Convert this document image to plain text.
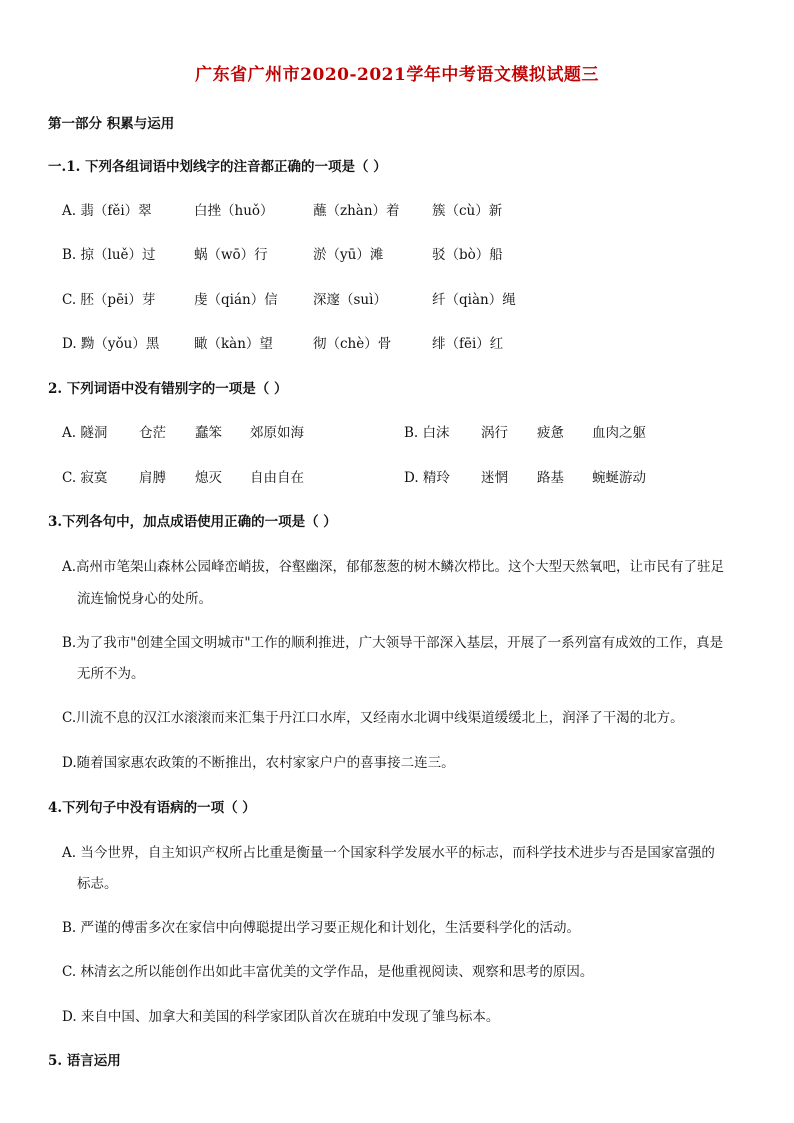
广东省广州市2020-2021学年中考语文模拟试题三
第一部分 积累与运用
一.1. 下列各组词语中划线字的注音都正确的一项是（ ）
A. 翡（fěi）翠	白挫（huǒ）	蘸（zhàn）着 簇（cù）新
B. 掠（luě）过	蜗（wō）行	淤（yū）滩	驳（bò）船
C. 胚（pēi）芽	虔（qián）信	深邃（suì）	纤（qiàn）绳
D. 黝（yǒu）黑	瞰（kàn）望	彻（chè）骨	绯（fēi）红
2. 下列词语中没有错别字的一项是（ ）
A. 隧洞 仓茫 蠢笨 郊原如海	B. 白沫 涡行 疲惫 血肉之躯
C. 寂寞 肩膊 熄灭 自由自在	D. 精玲 迷惘 路基 蜿蜒游动
3.下列各句中，加点成语使用正确的一项是（ ）
A.高州市笔架山森林公园峰峦峭拔，谷壑幽深，郁郁葱葱的树木鳞次栉比。这个大型天然氧吧，让市民有了驻足
流连愉悦身心的处所。
B.为了我市"创建全国文明城市"工作的顺利推进，广大领导干部深入基层，开展了一系列富有成效的工作，真是
无所不为。
C.川流不息的汉江水滚滚而来汇集于丹江口水库，又经南水北调中线渠道缓缓北上，润泽了干渴的北方。
D.随着国家惠农政策的不断推出，农村家家户户的喜事接二连三。
4.下列句子中没有语病的一项（ ）
A. 当今世界，自主知识产权所占比重是衡量一个国家科学发展水平的标志，而科学技术进步与否是国家富强的
标志。
B. 严谨的傅雷多次在家信中向傅聪提出学习要正规化和计划化，生活要科学化的活动。
C. 林清玄之所以能创作出如此丰富优美的文学作品，是他重视阅读、观察和思考的原因。
D. 来自中国、加拿大和美国的科学家团队首次在琥珀中发现了雏鸟标本。
5. 语言运用
